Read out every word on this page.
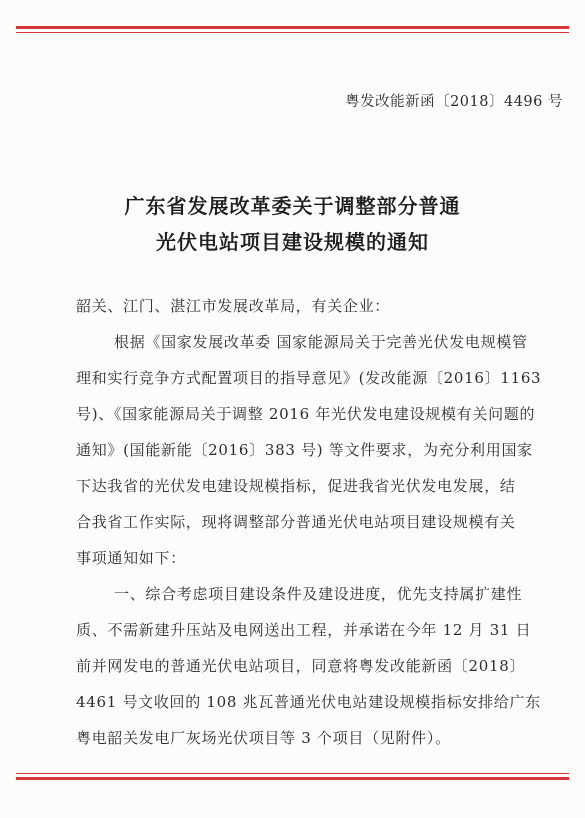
粤发改能新函〔2018〕4496 号
广东省发展改革委关于调整部分普通
光伏电站项目建设规模的通知
韶关、江门、湛江市发展改革局，有关企业：
根据《国家发展改革委 国家能源局关于完善光伏发电规模管
理和实行竞争方式配置项目的指导意见》(发改能源〔2016〕1163
号)、《国家能源局关于调整 2016 年光伏发电建设规模有关问题的
通知》(国能新能〔2016〕383 号) 等文件要求，为充分利用国家
下达我省的光伏发电建设规模指标，促进我省光伏发电发展，结
合我省工作实际，现将调整部分普通光伏电站项目建设规模有关
事项通知如下：
一、综合考虑项目建设条件及建设进度，优先支持属扩建性
质、不需新建升压站及电网送出工程，并承诺在今年 12 月 31 日
前并网发电的普通光伏电站项目，同意将粤发改能新函〔2018〕
4461 号文收回的 108 兆瓦普通光伏电站建设规模指标安排给广东
粤电韶关发电厂灰场光伏项目等 3 个项目（见附件）。
